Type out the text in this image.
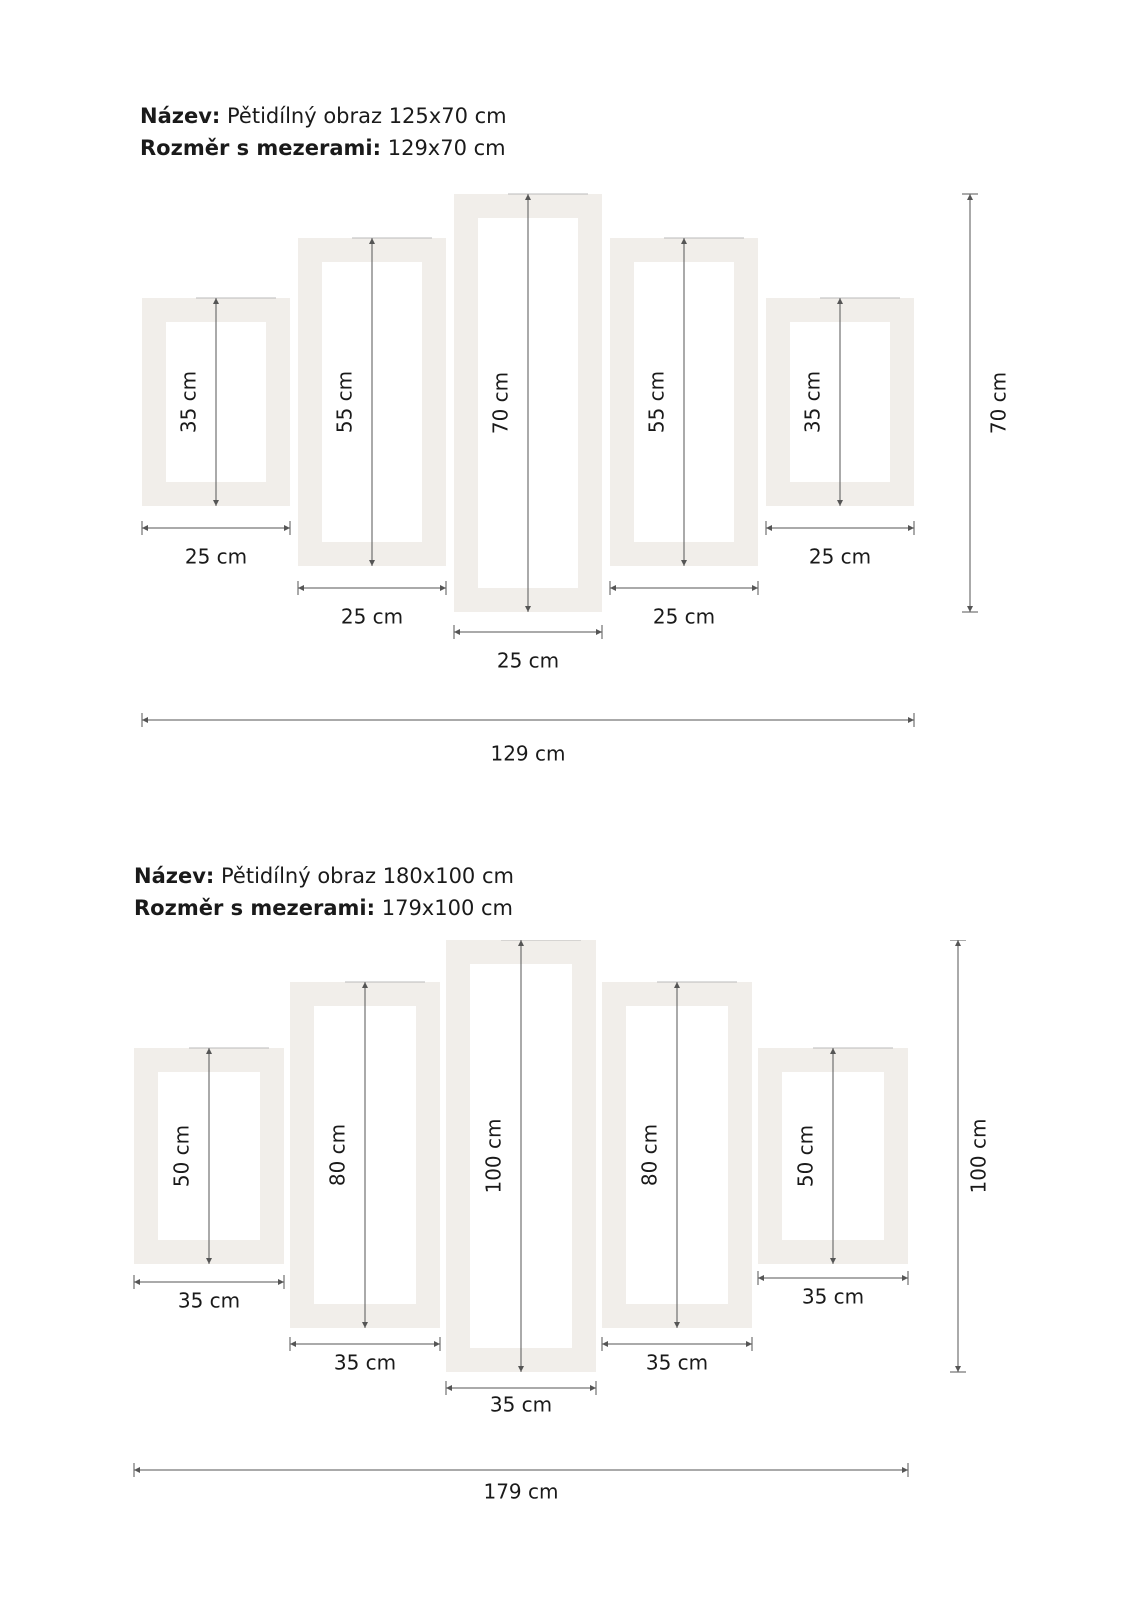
Název: Pětidílný obraz 125x70 cm
Rozměr s mezerami: 129x70 cm
35 cm
25 cm
55 cm
25 cm
70 cm
25 cm
55 cm
25 cm
35 cm
25 cm
129 cm
70 cm
Název: Pětidílný obraz 180x100 cm
Rozměr s mezerami: 179x100 cm
50 cm
35 cm
80 cm
35 cm
100 cm
35 cm
80 cm
35 cm
50 cm
35 cm
179 cm
100 cm
